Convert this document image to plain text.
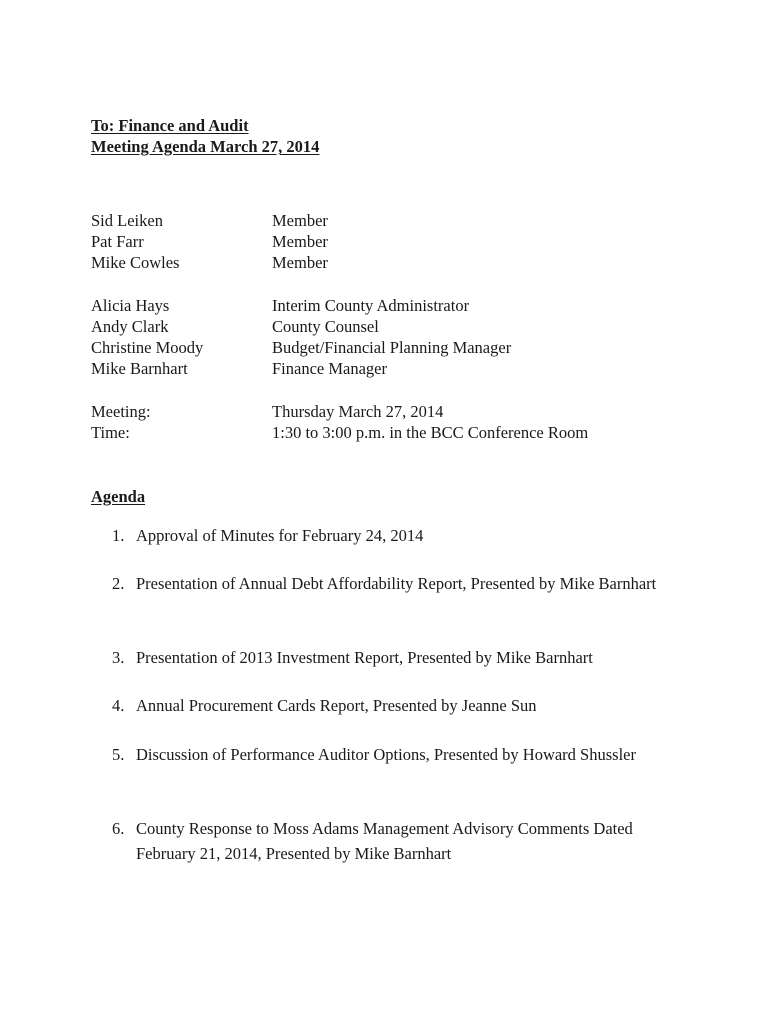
To: Finance and Audit
Meeting Agenda March 27, 2014
Sid Leiken	Member
Pat Farr	Member
Mike Cowles	Member
Alicia Hays	Interim County Administrator
Andy Clark	County Counsel
Christine Moody	Budget/Financial Planning Manager
Mike Barnhart	Finance Manager
Meeting:	Thursday March 27, 2014
Time:	1:30 to 3:00 p.m. in the BCC Conference Room
Agenda
1. Approval of Minutes for February 24, 2014
2. Presentation of Annual Debt Affordability Report, Presented by Mike Barnhart
3. Presentation of 2013 Investment Report, Presented by Mike Barnhart
4. Annual Procurement Cards Report, Presented by Jeanne Sun
5. Discussion of Performance Auditor Options, Presented by Howard Shussler
6. County Response to Moss Adams Management Advisory Comments Dated February 21, 2014, Presented by Mike Barnhart
